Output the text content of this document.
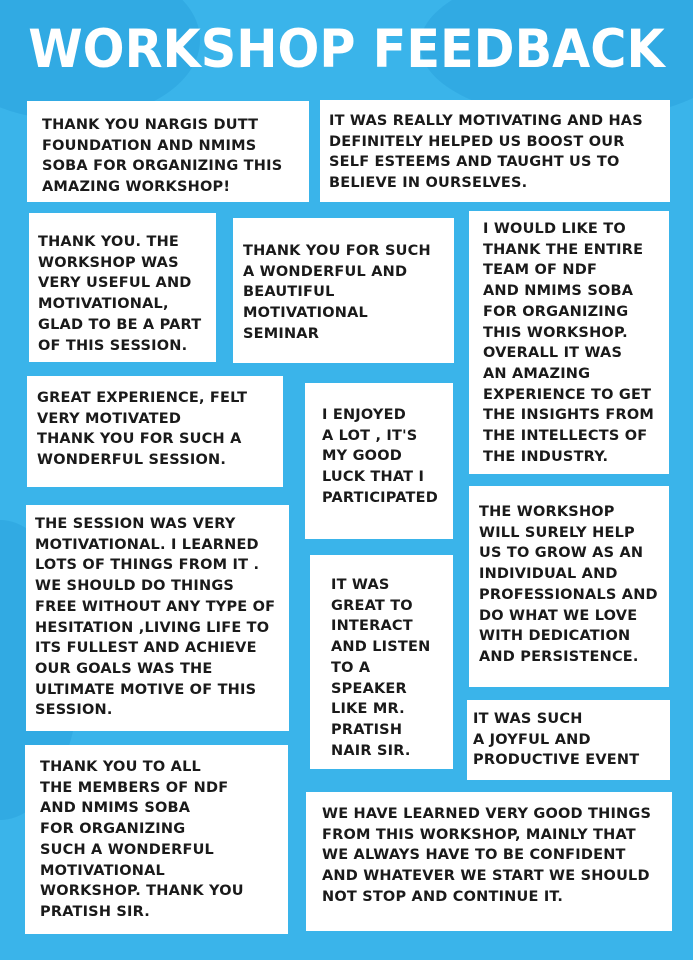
WORKSHOP FEEDBACK
THANK YOU NARGIS DUTT
FOUNDATION AND NMIMS
SOBA FOR ORGANIZING THIS
AMAZING WORKSHOP!
IT WAS REALLY MOTIVATING AND HAS
DEFINITELY HELPED US BOOST OUR
SELF ESTEEMS AND TAUGHT US TO
BELIEVE IN OURSELVES.
THANK YOU. THE
WORKSHOP WAS
VERY USEFUL AND
MOTIVATIONAL,
GLAD TO BE A PART
OF THIS SESSION.
THANK YOU FOR SUCH
A WONDERFUL AND
BEAUTIFUL
MOTIVATIONAL
SEMINAR
I WOULD LIKE TO
THANK THE ENTIRE
TEAM OF NDF
AND NMIMS SOBA
FOR ORGANIZING
THIS WORKSHOP.
OVERALL IT WAS
AN AMAZING
EXPERIENCE TO GET
THE INSIGHTS FROM
THE INTELLECTS OF
THE INDUSTRY.
GREAT EXPERIENCE, FELT
VERY MOTIVATED
THANK YOU FOR SUCH A
WONDERFUL SESSION.
I ENJOYED
A LOT , IT'S
MY GOOD
LUCK THAT I
PARTICIPATED
THE SESSION WAS VERY
MOTIVATIONAL. I LEARNED
LOTS OF THINGS FROM IT .
WE SHOULD DO THINGS
FREE WITHOUT ANY TYPE OF
HESITATION ,LIVING LIFE TO
ITS FULLEST AND ACHIEVE
OUR GOALS WAS THE
ULTIMATE MOTIVE OF THIS
SESSION.
THE WORKSHOP
WILL SURELY HELP
US TO GROW AS AN
INDIVIDUAL AND
PROFESSIONALS AND
DO WHAT WE LOVE
WITH DEDICATION
AND PERSISTENCE.
IT WAS
GREAT TO
INTERACT
AND LISTEN
TO A
SPEAKER
LIKE MR.
PRATISH
NAIR SIR.
IT WAS SUCH
A JOYFUL AND
PRODUCTIVE EVENT
THANK YOU TO ALL
THE MEMBERS OF NDF
AND NMIMS SOBA
FOR ORGANIZING
SUCH A WONDERFUL
MOTIVATIONAL
WORKSHOP. THANK YOU
PRATISH SIR.
WE HAVE LEARNED VERY GOOD THINGS
FROM THIS WORKSHOP, MAINLY THAT
WE ALWAYS HAVE TO BE CONFIDENT
AND WHATEVER WE START WE SHOULD
NOT STOP AND CONTINUE IT.
